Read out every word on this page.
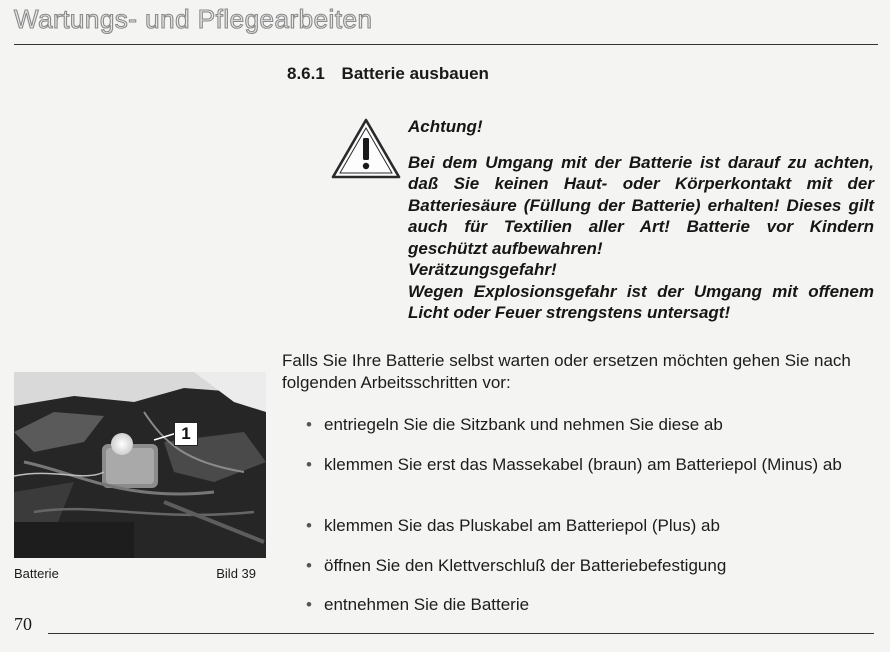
Wartungs- und Pflegearbeiten
8.6.1 Batterie ausbauen
Achtung!
Bei dem Umgang mit der Batterie ist darauf zu achten, daß Sie keinen Haut- oder Körperkontakt mit der Batteriesäure (Füllung der Batterie) erhalten! Dieses gilt auch für Textilien aller Art! Batterie vor Kindern geschützt aufbewahren!
Verätzungsgefahr!
Wegen Explosionsgefahr ist der Umgang mit offenem Licht oder Feuer strengstens untersagt!
Falls Sie Ihre Batterie selbst warten oder ersetzen möchten gehen Sie nach folgenden Arbeitsschritten vor:
1
Batterie	Bild 39
• entriegeln Sie die Sitzbank und nehmen Sie diese ab
• klemmen Sie erst das Massekabel (braun) am Batteriepol (Minus) ab
• klemmen Sie das Pluskabel am Batteriepol (Plus) ab
• öffnen Sie den Klettverschluß der Batteriebefestigung
• entnehmen Sie die Batterie
70
